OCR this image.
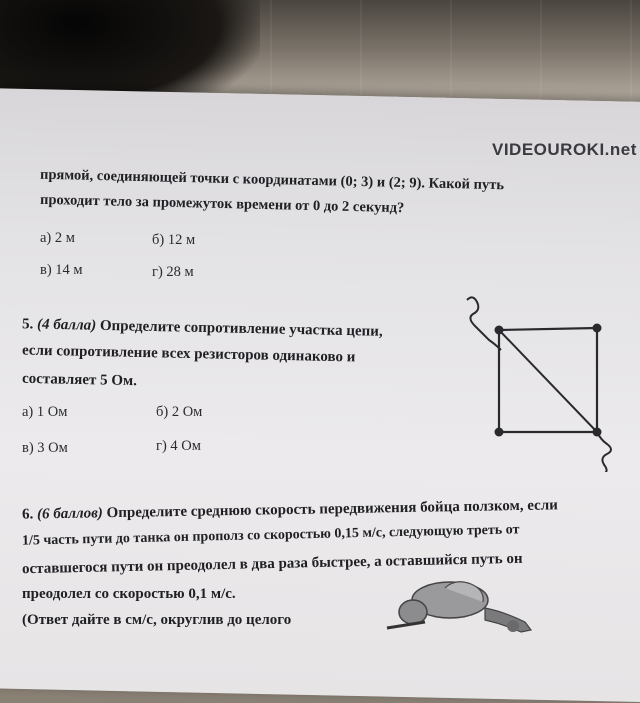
VIDEOUROKI.net
прямой, соединяющей точки с координатами (0; 3) и (2; 9). Какой путь
проходит тело за промежуток времени от 0 до 2 секунд?
а) 2 м	б) 12 м
в) 14 м	г) 28 м
5. (4 балла) Определите сопротивление участка цепи,
если сопротивление всех резисторов одинаково и
составляет 5 Ом.
а) 1 Ом	б) 2 Ом
в) 3 Ом	г) 4 Ом
6. (6 баллов) Определите среднюю скорость передвижения бойца ползком, если
1/5 часть пути до танка он прополз со скоростью 0,15 м/с, следующую треть от
оставшегося пути он преодолел в два раза быстрее, а оставшийся путь он
преодолел со скоростью 0,1 м/с.
(Ответ дайте в см/с, округлив до целого
